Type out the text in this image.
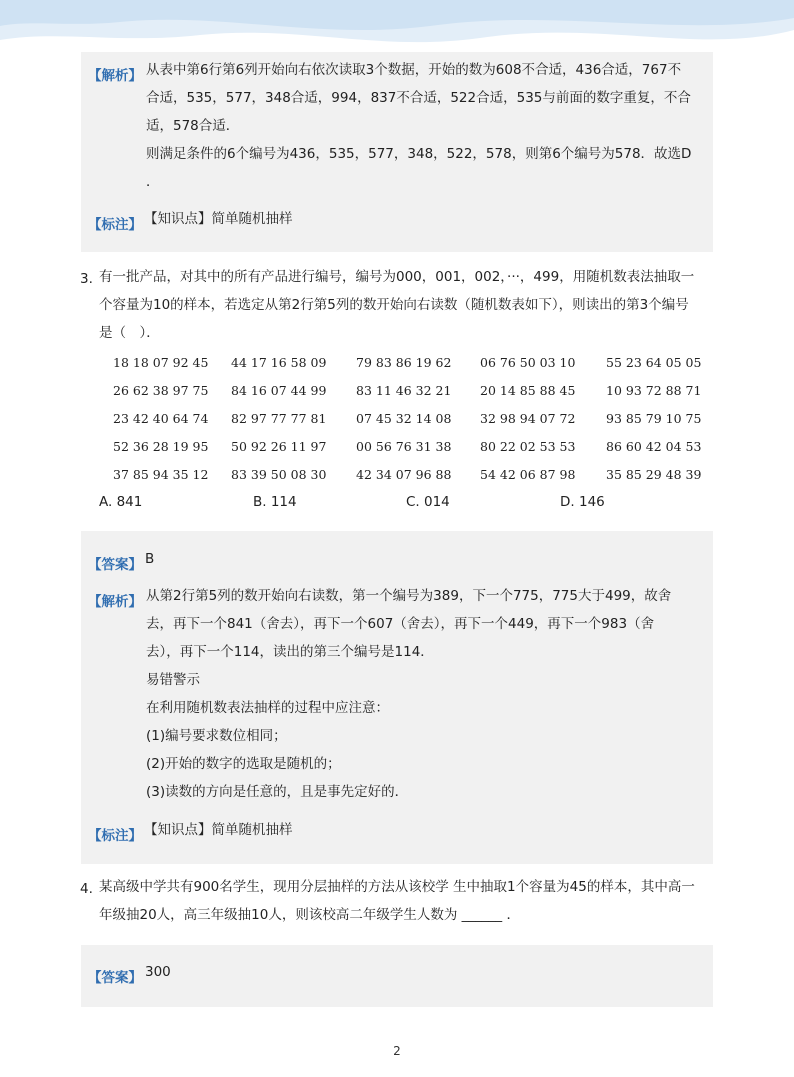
【解析】 从表中第6行第6列开始向右依次读取3个数据，开始的数为608不合适，436合适，767不
合适，535，577，348合适，994，837不合适，522合适，535与前面的数字重复，不合
适，578合适．
则满足条件的6个编号为436，535，577，348，522，578，则第6个编号为578．故选D
．
【标注】 【知识点】简单随机抽样
3. 有一批产品，对其中的所有产品进行编号，编号为000，001，002，···，499，用随机数表法抽取一
个容量为10的样本，若选定从第2行第5列的数开始向右读数（随机数表如下），则读出的第3个编号
是（　）．
18 18 07 92 45 44 17 16 58 09 79 83 86 19 62 06 76 50 03 10 55 23 64 05 05
26 62 38 97 75 84 16 07 44 99 83 11 46 32 21 20 14 85 88 45 10 93 72 88 71
23 42 40 64 74 82 97 77 77 81 07 45 32 14 08 32 98 94 07 72 93 85 79 10 75
52 36 28 19 95 50 92 26 11 97 00 56 76 31 38 80 22 02 53 53 86 60 42 04 53
37 85 94 35 12 83 39 50 08 30 42 34 07 96 88 54 42 06 87 98 35 85 29 48 39
A. 841	B. 114	C. 014	D. 146
【答案】 B
【解析】 从第2行第5列的数开始向右读数，第一个编号为389，下一个775，775大于499，故舍
去，再下一个841（舍去），再下一个607（舍去），再下一个449，再下一个983（舍
去），再下一个114，读出的第三个编号是114．
易错警示
在利用随机数表法抽样的过程中应注意：
(1)编号要求数位相同；
(2)开始的数字的选取是随机的；
(3)读数的方向是任意的，且是事先定好的．
【标注】 【知识点】简单随机抽样
4. 某高级中学共有900名学生，现用分层抽样的方法从该校学 生中抽取1个容量为45的样本，其中高一
年级抽20人，高三年级抽10人，则该校高二年级学生人数为 ______ ．
【答案】 300
2
